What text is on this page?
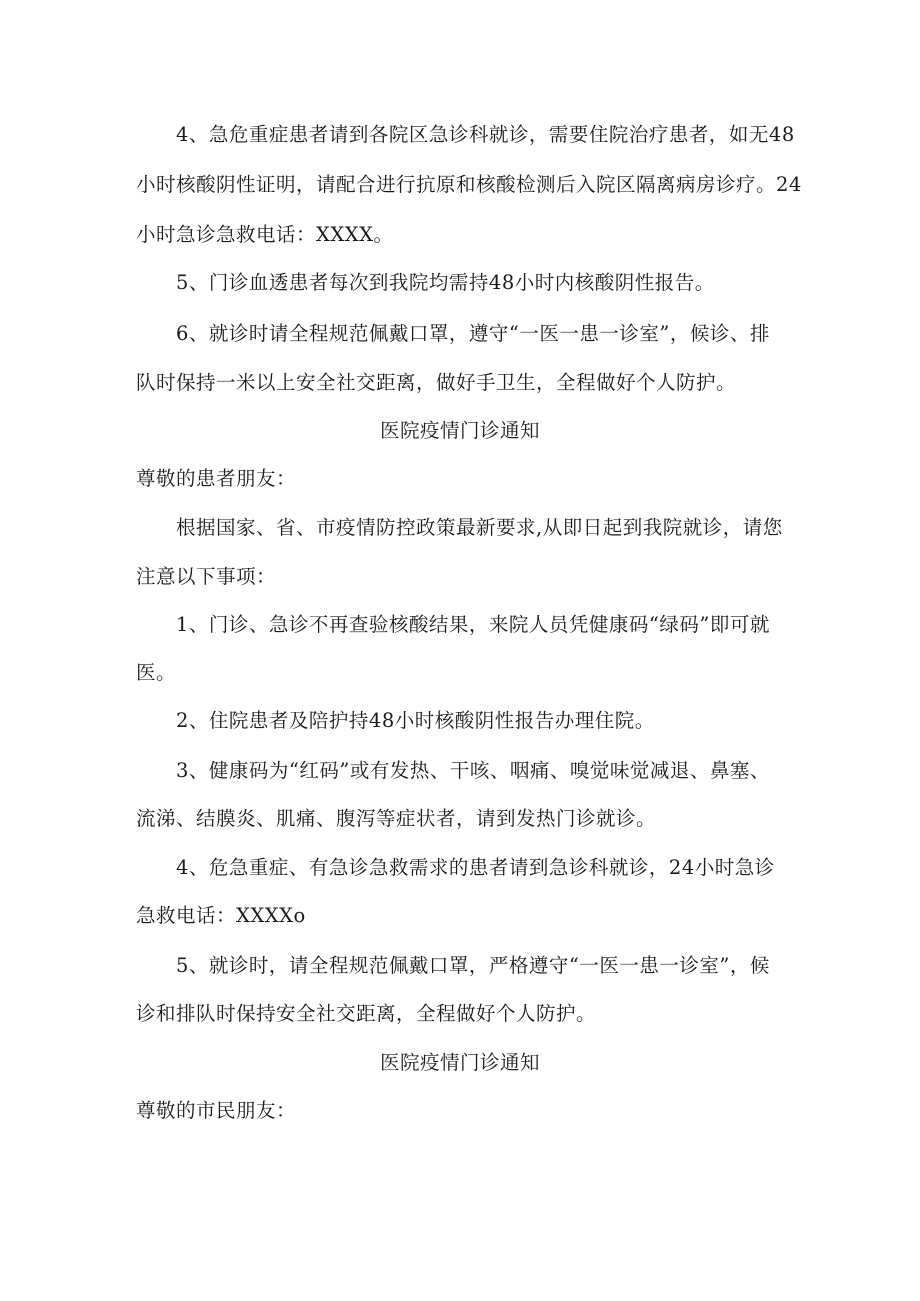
4、急危重症患者请到各院区急诊科就诊，需要住院治疗患者，如无48
小时核酸阴性证明，请配合进行抗原和核酸检测后入院区隔离病房诊疗。24
小时急诊急救电话：XXXX。
5、门诊血透患者每次到我院均需持48小时内核酸阴性报告。
6、就诊时请全程规范佩戴口罩，遵守“一医一患一诊室”，候诊、排
队时保持一米以上安全社交距离，做好手卫生，全程做好个人防护。
医院疫情门诊通知
尊敬的患者朋友：
根据国家、省、市疫情防控政策最新要求,从即日起到我院就诊，请您
注意以下事项：
1、门诊、急诊不再查验核酸结果，来院人员凭健康码“绿码”即可就
医。
2、住院患者及陪护持48小时核酸阴性报告办理住院。
3、健康码为“红码”或有发热、干咳、咽痛、嗅觉味觉减退、鼻塞、
流涕、结膜炎、肌痛、腹泻等症状者，请到发热门诊就诊。
4、危急重症、有急诊急救需求的患者请到急诊科就诊，24小时急诊
急救电话：XXXXo
5、就诊时，请全程规范佩戴口罩，严格遵守“一医一患一诊室”，候
诊和排队时保持安全社交距离，全程做好个人防护。
医院疫情门诊通知
尊敬的市民朋友：
